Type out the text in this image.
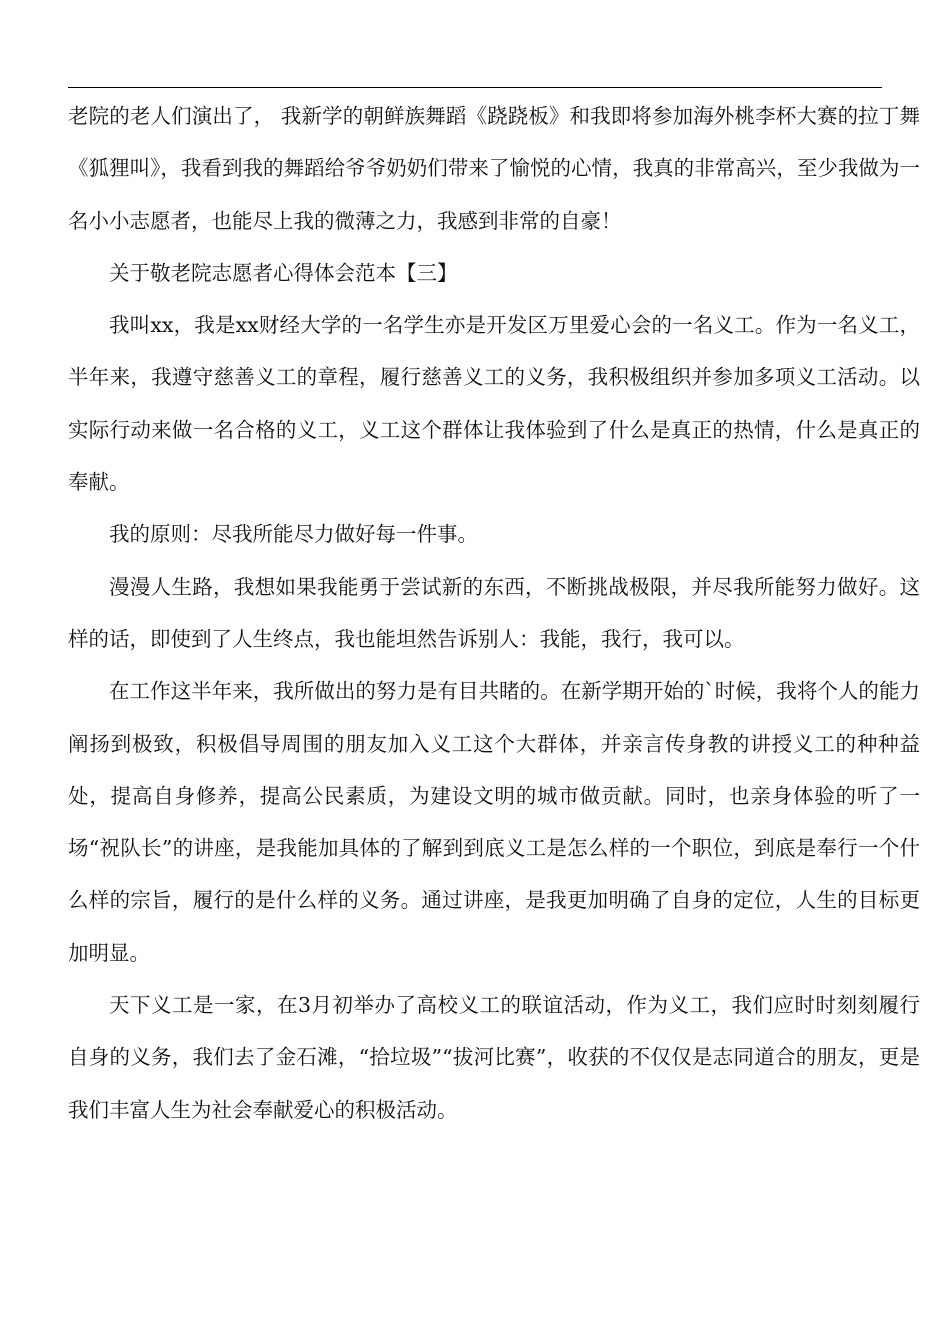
老院的老人们演出了， 我新学的朝鲜族舞蹈《跷跷板》和我即将参加海外桃李杯大赛的拉丁舞《狐狸叫》，我看到我的舞蹈给爷爷奶奶们带来了愉悦的心情，我真的非常高兴，至少我做为一名小小志愿者，也能尽上我的微薄之力，我感到非常的自豪！

关于敬老院志愿者心得体会范本【三】

我叫xx，我是xx财经大学的一名学生亦是开发区万里爱心会的一名义工。作为一名义工，半年来，我遵守慈善义工的章程，履行慈善义工的义务，我积极组织并参加多项义工活动。以实际行动来做一名合格的义工，义工这个群体让我体验到了什么是真正的热情，什么是真正的奉献。

我的原则：尽我所能尽力做好每一件事。

漫漫人生路，我想如果我能勇于尝试新的东西，不断挑战极限，并尽我所能努力做好。这样的话，即使到了人生终点，我也能坦然告诉别人：我能，我行，我可以。

在工作这半年来，我所做出的努力是有目共睹的。在新学期开始的`时候，我将个人的能力阐扬到极致，积极倡导周围的朋友加入义工这个大群体，并亲言传身教的讲授义工的种种益处，提高自身修养，提高公民素质，为建设文明的城市做贡献。同时，也亲身体验的听了一场“祝队长”的讲座，是我能加具体的了解到到底义工是怎么样的一个职位，到底是奉行一个什么样的宗旨，履行的是什么样的义务。通过讲座，是我更加明确了自身的定位，人生的目标更加明显。

天下义工是一家，在3月初举办了高校义工的联谊活动，作为义工，我们应时时刻刻履行自身的义务，我们去了金石滩，“拾垃圾”“拔河比赛”，收获的不仅仅是志同道合的朋友，更是我们丰富人生为社会奉献爱心的积极活动。
